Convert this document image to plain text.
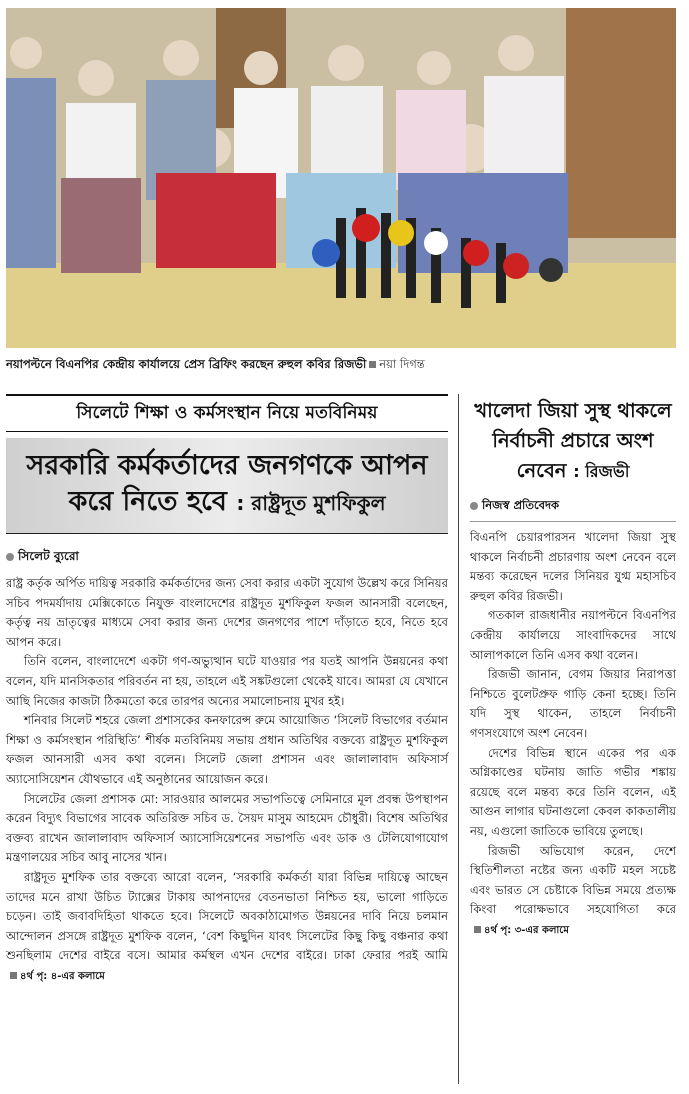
নয়াপল্টনে বিএনপির কেন্দ্রীয় কার্যালয়ে প্রেস ব্রিফিং করছেন রুহুল কবির রিজভী নয়া দিগন্ত
সিলেটে শিক্ষা ও কর্মসংস্থান নিয়ে মতবিনিময়
সরকারি কর্মকর্তাদের জনগণকে আপন
করে নিতে হবে : রাষ্ট্রদূত মুশফিকুল
সিলেট ব্যুরো

রাষ্ট্র কর্তৃক অর্পিত দায়িত্ব সরকারি কর্মকর্তাদের জন্য সেবা করার একটা সুযোগ উল্লেখ করে সিনিয়র সচিব পদমর্যাদায় মেক্সিকোতে নিযুক্ত বাংলাদেশের রাষ্ট্রদূত মুশফিকুল ফজল আনসারী বলেছেন, কর্তৃত্ব নয় ভ্রাতৃত্বের মাধ্যমে সেবা করার জন্য দেশের জনগণের পাশে দাঁড়াতে হবে, নিতে হবে আপন করে।

তিনি বলেন, বাংলাদেশে একটা গণ-অভ্যুত্থান ঘটে যাওয়ার পর যতই আপনি উন্নয়নের কথা বলেন, যদি মানসিকতার পরিবর্তন না হয়, তাহলে এই সঙ্কটগুলো থেকেই যাবে। আমরা যে যেখানে আছি নিজের কাজটা ঠিকমতো করে তারপর অন্যের সমালোচনায় মুখর হই।

শনিবার সিলেট শহরে জেলা প্রশাসকের কনফারেন্স রুমে আয়োজিত ‘সিলেট বিভাগের বর্তমান শিক্ষা ও কর্মসংস্থান পরিস্থিতি’ শীর্ষক মতবিনিময় সভায় প্রধান অতিথির বক্তব্যে রাষ্ট্রদূত মুশফিকুল ফজল আনসারী এসব কথা বলেন। সিলেট জেলা প্রশাসন এবং জালালাবাদ অফিসার্স অ্যাসোসিয়েশন যৌথভাবে এই অনুষ্ঠানের আয়োজন করে।

সিলেটের জেলা প্রশাসক মো: সারওয়ার আলমের সভাপতিত্বে সেমিনারে মূল প্রবন্ধ উপস্থাপন করেন বিদ্যুৎ বিভাগের সাবেক অতিরিক্ত সচিব ড. সৈয়দ মাসুম আহমেদ চৌধুরী। বিশেষ অতিথির বক্তব্য রাখেন জালালাবাদ অফিসার্স অ্যাসোসিয়েশনের সভাপতি এবং ডাক ও টেলিযোগাযোগ মন্ত্রণালয়ের সচিব আবু নাসের খান।

রাষ্ট্রদূত মুশফিক তার বক্তব্যে আরো বলেন, ‘সরকারি কর্মকর্তা যারা বিভিন্ন দায়িত্বে আছেন তাদের মনে রাখা উচিত ট্যাক্সের টাকায় আপনাদের বেতনভাতা নিশ্চিত হয়, ভালো গাড়িতে চড়েন। তাই জবাবদিহিতা থাকতে হবে। সিলেটে অবকাঠামোগত উন্নয়নের দাবি নিয়ে চলমান আন্দোলন প্রসঙ্গে রাষ্ট্রদূত মুশফিক বলেন, ‘বেশ কিছুদিন যাবৎ সিলেটের কিছু কিছু বঞ্চনার কথা শুনছিলাম দেশের বাইরে বসে। আমার কর্মস্থল এখন দেশের বাইরে। ঢাকা ফেরার পরই আমি৪র্থ পৃ: ৪-এর কলামে

খালেদা জিয়া সুস্থ থাকলে
নির্বাচনী প্রচারে অংশ
নেবেন : রিজভী
নিজস্ব প্রতিবেদক

বিএনপি চেয়ারপারসন খালেদা জিয়া সুস্থ থাকলে নির্বাচনী প্রচারণায় অংশ নেবেন বলে মন্তব্য করেছেন দলের সিনিয়র যুগ্ম মহাসচিব রুহুল কবির রিজভী।

গতকাল রাজধানীর নয়াপল্টনে বিএনপির কেন্দ্রীয় কার্যালয়ে সাংবাদিকদের সাথে আলাপকালে তিনি এসব কথা বলেন।

রিজভী জানান, বেগম জিয়ার নিরাপত্তা নিশ্চিতে বুলেটপ্রুফ গাড়ি কেনা হচ্ছে। তিনি যদি সুস্থ থাকেন, তাহলে নির্বাচনী গণসংযোগে অংশ নেবেন।

দেশের বিভিন্ন স্থানে একের পর এক অগ্নিকাণ্ডের ঘটনায় জাতি গভীর শঙ্কায় রয়েছে বলে মন্তব্য করে তিনি বলেন, এই আগুন লাগার ঘটনাগুলো কেবল কাকতালীয় নয়, এগুলো জাতিকে ভাবিয়ে তুলছে।

রিজভী অভিযোগ করেন, দেশে স্থিতিশীলতা নষ্টের জন্য একটি মহল সচেষ্ট এবং ভারত সে চেষ্টাকে বিভিন্ন সময়ে প্রত্যক্ষ কিংবা পরোক্ষভাবে সহযোগিতা করে৪র্থ পৃ: ৩-এর কলামে
